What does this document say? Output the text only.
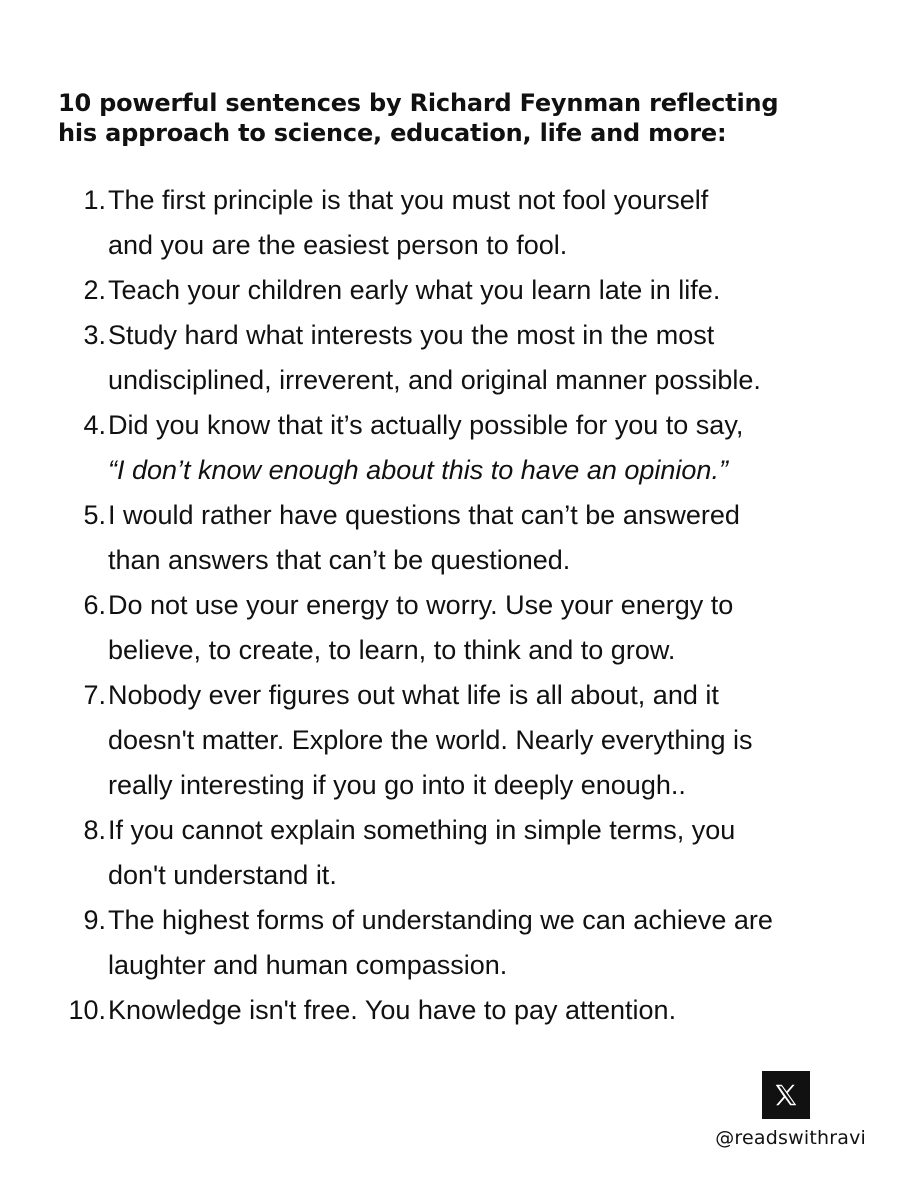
10 powerful sentences by Richard Feynman reflecting
his approach to science, education, life and more:
1. The first principle is that you must not fool yourself
and you are the easiest person to fool.
2. Teach your children early what you learn late in life.
3. Study hard what interests you the most in the most
undisciplined, irreverent, and original manner possible.
4. Did you know that it’s actually possible for you to say,
“I don’t know enough about this to have an opinion.”
5. I would rather have questions that can’t be answered
than answers that can’t be questioned.
6. Do not use your energy to worry. Use your energy to
believe, to create, to learn, to think and to grow.
7. Nobody ever figures out what life is all about, and it
doesn't matter. Explore the world. Nearly everything is
really interesting if you go into it deeply enough..
8. If you cannot explain something in simple terms, you
don't understand it.
9. The highest forms of understanding we can achieve are
laughter and human compassion.
10. Knowledge isn't free. You have to pay attention.
@readswithravi
